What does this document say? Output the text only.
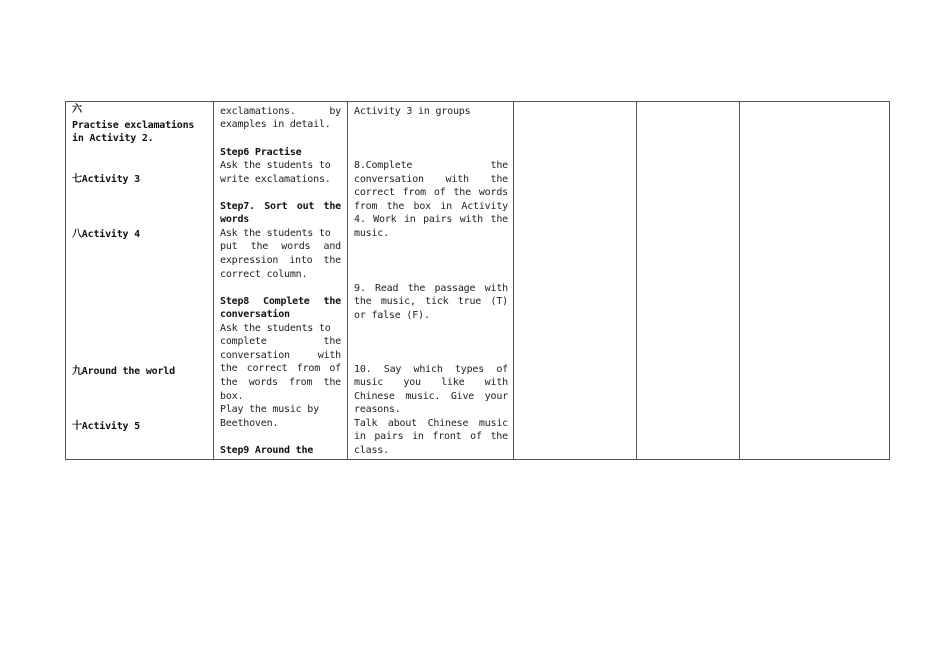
六
Practise exclamations
in Activity 2.
七Activity 3
八Activity 4
九Around the world
十Activity 5

exclamations.	by
examples in detail.
Step6 Practise
Ask the students to
write exclamations.
Step7. Sort out the
words
Ask the students to
put the words and
expression into the
correct column.
Step8 Complete the
conversation
Ask the students to
complete	the
conversation	with
the correct from of
the words from the
box.
Play the music by
Beethoven.
Step9 Around the

Activity 3 in groups
8.Complete	the
conversation with the
correct from of the words
from the box in Activity
4. Work in pairs with the
music.
9. Read the passage with
the music, tick true (T)
or false (F).
10. Say which types of
music you like with
Chinese music. Give your
reasons.
Talk about Chinese music
in pairs in front of the
class.
